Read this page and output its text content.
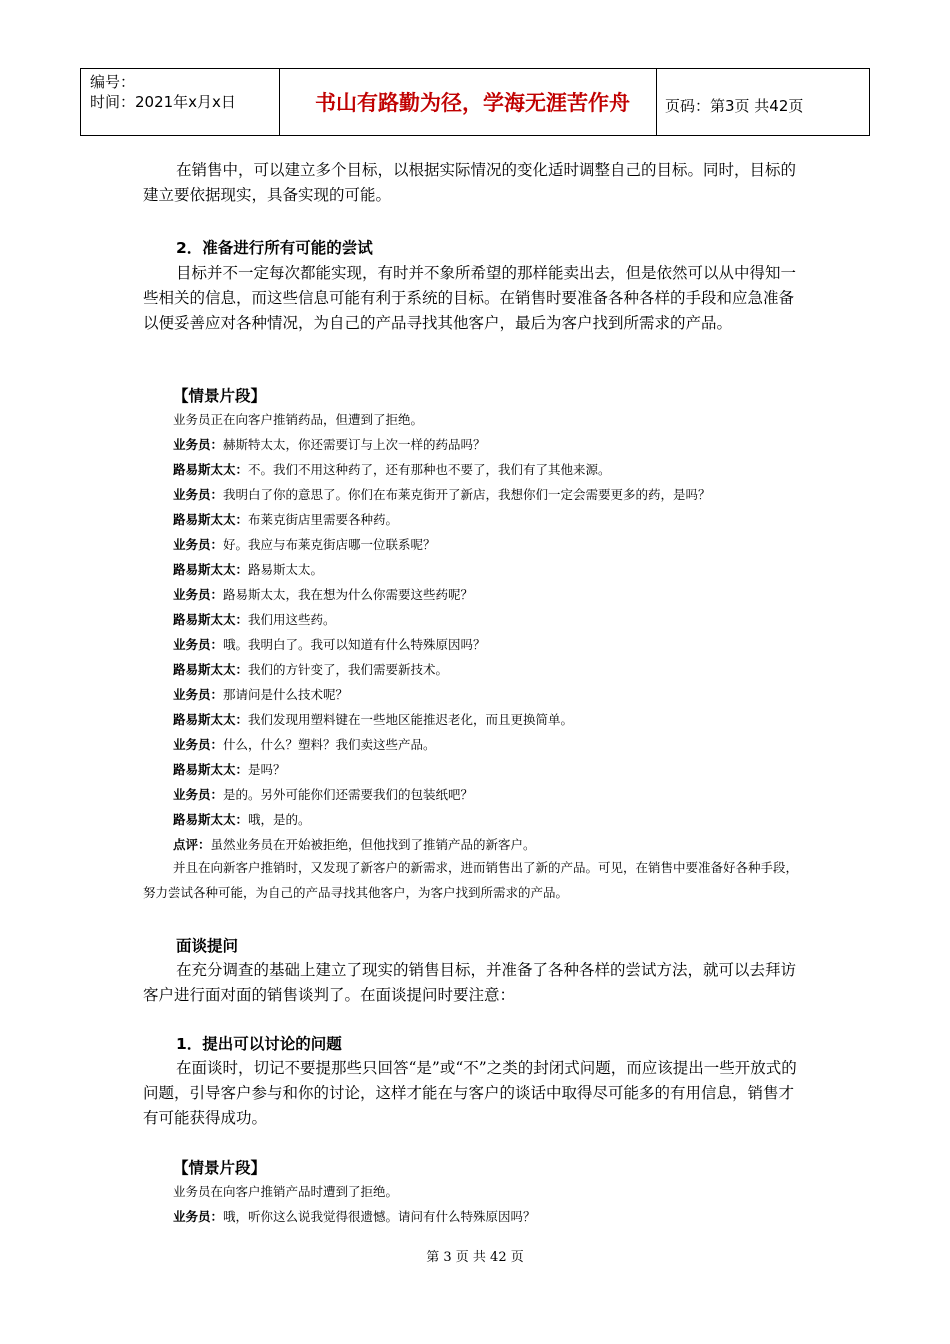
编号：
时间：2021年x月x日	书山有路勤为径，学海无涯苦作舟	页码：第3页 共42页
在销售中，可以建立多个目标，以根据实际情况的变化适时调整自己的目标。同时，目标的建立要依据现实，具备实现的可能。
2．准备进行所有可能的尝试
目标并不一定每次都能实现，有时并不象所希望的那样能卖出去，但是依然可以从中得知一些相关的信息，而这些信息可能有利于系统的目标。在销售时要准备各种各样的手段和应急准备以便妥善应对各种情况，为自己的产品寻找其他客户，最后为客户找到所需求的产品。
【情景片段】
业务员正在向客户推销药品，但遭到了拒绝。
业务员：赫斯特太太，你还需要订与上次一样的药品吗？
路易斯太太：不。我们不用这种药了，还有那种也不要了，我们有了其他来源。
业务员：我明白了你的意思了。你们在布莱克街开了新店，我想你们一定会需要更多的药，是吗？
路易斯太太：布莱克街店里需要各种药。
业务员：好。我应与布莱克街店哪一位联系呢？
路易斯太太：路易斯太太。
业务员：路易斯太太，我在想为什么你需要这些药呢？
路易斯太太：我们用这些药。
业务员：哦。我明白了。我可以知道有什么特殊原因吗？
路易斯太太：我们的方针变了，我们需要新技术。
业务员：那请问是什么技术呢？
路易斯太太：我们发现用塑料键在一些地区能推迟老化，而且更换简单。
业务员：什么，什么？塑料？我们卖这些产品。
路易斯太太：是吗？
业务员：是的。另外可能你们还需要我们的包装纸吧？
路易斯太太：哦，是的。
点评：虽然业务员在开始被拒绝，但他找到了推销产品的新客户。
并且在向新客户推销时，又发现了新客户的新需求，进而销售出了新的产品。可见，在销售中要准备好各种手段，努力尝试各种可能，为自己的产品寻找其他客户，为客户找到所需求的产品。
面谈提问
在充分调查的基础上建立了现实的销售目标，并准备了各种各样的尝试方法，就可以去拜访客户进行面对面的销售谈判了。在面谈提问时要注意：
1．提出可以讨论的问题
在面谈时，切记不要提那些只回答“是”或“不”之类的封闭式问题，而应该提出一些开放式的问题，引导客户参与和你的讨论，这样才能在与客户的谈话中取得尽可能多的有用信息，销售才有可能获得成功。
【情景片段】
业务员在向客户推销产品时遭到了拒绝。
业务员：哦，听你这么说我觉得很遗憾。请问有什么特殊原因吗？
第 3 页 共 42 页
